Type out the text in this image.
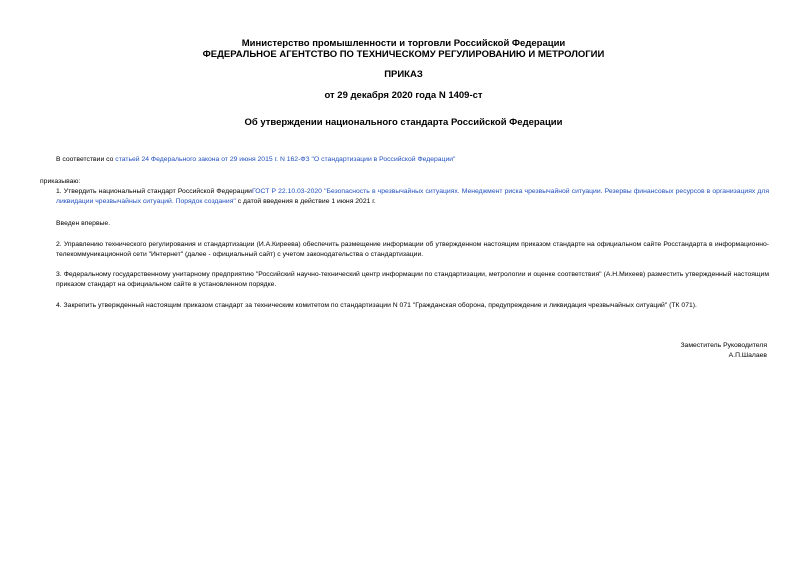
Министерство промышленности и торговли Российской Федерации
ФЕДЕРАЛЬНОЕ АГЕНТСТВО ПО ТЕХНИЧЕСКОМУ РЕГУЛИРОВАНИЮ И МЕТРОЛОГИИ
ПРИКАЗ
от 29 декабря 2020 года N 1409-ст
Об утверждении национального стандарта Российской Федерации
В соответствии со статьей 24 Федерального закона от 29 июня 2015 г. N 162-ФЗ "О стандартизации в Российской Федерации"
приказываю:
1. Утвердить национальный стандарт Российской ФедерацииГОСТ Р 22.10.03-2020 "Безопасность в чрезвычайных ситуациях. Менеджмент риска чрезвычайной ситуации. Резервы финансовых ресурсов в организациях для ликвидации чрезвычайных ситуаций. Порядок создания" с датой введения в действие 1 июня 2021 г.
Введен впервые.
2. Управлению технического регулирования и стандартизации (И.А.Киреева) обеспечить размещение информации об утвержденном настоящим приказом стандарте на официальном сайте Росстандарта в информационно-телекоммуникационной сети "Интернет" (далее - официальный сайт) с учетом законодательства о стандартизации.
3. Федеральному государственному унитарному предприятию "Российский научно-технический центр информации по стандартизации, метрологии и оценке соответствия" (А.Н.Михеев) разместить утвержденный настоящим приказом стандарт на официальном сайте в установленном порядке.
4. Закрепить утвержденный настоящим приказом стандарт за техническим комитетом по стандартизации N 071 "Гражданская оборона, предупреждение и ликвидация чрезвычайных ситуаций" (ТК 071).
Заместитель Руководителя
А.П.Шалаев
